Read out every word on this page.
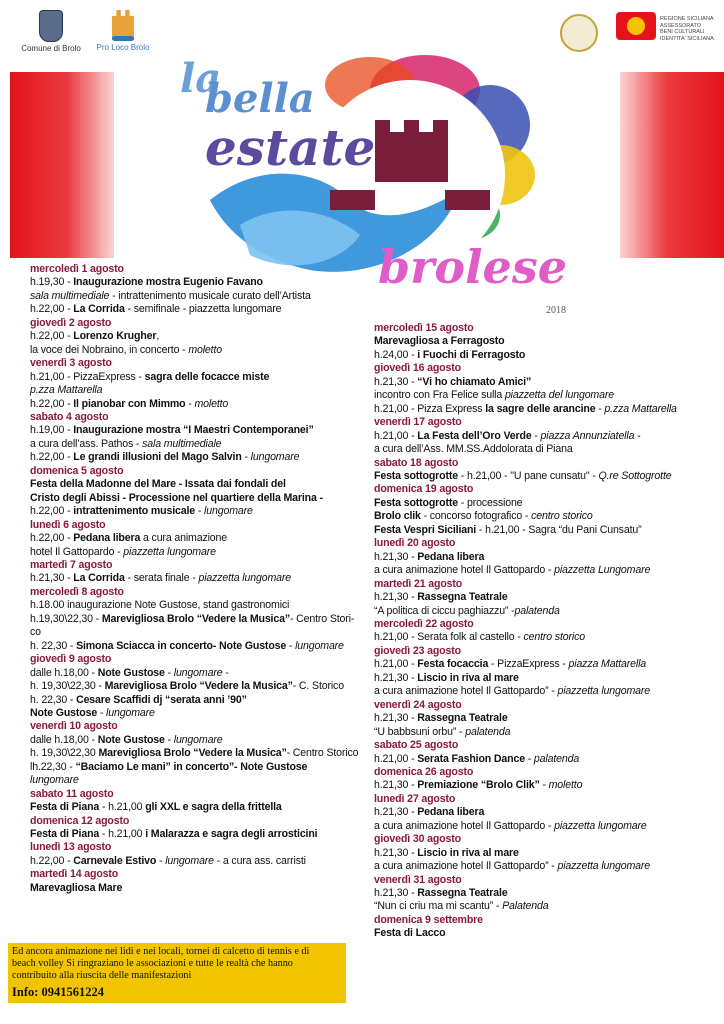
Comune di Brolo	Pro Loco Brolo
REGIONE SICILIANA
ASSESSORATO
BENI CULTURALI
IDENTITA' SICILIANA
la
bella
estate
brolese
2018
mercoledì 1 agosto
h.19,30 - Inaugurazione mostra Eugenio Favano
sala multimediale - intrattenimento musicale curato dell’Artista
h.22,00 - La Corrida - semifinale - piazzetta lungomare
giovedì 2 agosto
h.22,00 - Lorenzo Krugher,
la voce dei Nobraino, in concerto - moletto
venerdì 3 agosto
h.21,00 - PizzaExpress - sagra delle focacce miste
p.zza Mattarella
h.22,00 - Il pianobar con Mimmo - moletto
sabato 4 agosto
h.19,00 - Inaugurazione mostra “I Maestri Contemporanei”
a cura dell’ass. Pathos - sala multimediale
h.22,00 - Le grandi illusioni del Mago Salvin - lungomare
domenica 5 agosto
Festa della Madonne del Mare - Issata dai fondali del
Cristo degli Abissi - Processione nel quartiere della Marina -
h.22,00 - intrattenimento musicale - lungomare
lunedì 6 agosto
h.22,00 - Pedana libera a cura animazione
hotel Il Gattopardo - piazzetta lungomare
martedì 7 agosto
h.21,30 - La Corrida - serata finale - piazzetta lungomare
mercoledì 8 agosto
h.18.00 inaugurazione Note Gustose, stand gastronomici
h.19,30\22,30 - Marevigliosa Brolo “Vedere la Musica”- Centro Stori-
co
h. 22,30 - Simona Sciacca in concerto- Note Gustose - lungomare
giovedì 9 agosto
dalle h.18,00 - Note Gustose - lungomare -
h. 19,30\22,30 - Marevigliosa Brolo “Vedere la Musica”- C. Storico
h. 22,30 - Cesare Scaffidi dj “serata anni ’90”
Note Gustose - lungomare
venerdì 10 agosto
dalle h.18,00 - Note Gustose - lungomare
h. 19,30\22,30 Marevigliosa Brolo “Vedere la Musica”- Centro Storico
lh.22,30 - “Baciamo Le mani” in concerto”- Note Gustose
lungomare
sabato 11 agosto
Festa di Piana - h.21,00 gli XXL e sagra della frittella
domenica 12 agosto
Festa di Piana - h.21,00 i Malarazza e sagra degli arrosticini
lunedì 13 agosto
h.22,00 - Carnevale Estivo - lungomare - a cura ass. carristi
martedì 14 agosto
Marevagliosa Mare
mercoledì 15 agosto
Marevagliosa a Ferragosto
h.24,00 - i Fuochi di Ferragosto
giovedì 16 agosto
h.21,30 - “Vi ho chiamato Amici”
incontro con Fra Felice sulla piazzetta del lungomare
h.21,00 - Pizza Express la sagre delle arancine - p.zza Mattarella
venerdì 17 agosto
h.21,00 - La Festa dell’Oro Verde - piazza Annunziatella -
a cura dell’Ass. MM.SS.Addolorata di Piana
sabato 18 agosto
Festa sottogrotte - h.21,00 - "U pane cunsatu" - Q.re Sottogrotte
domenica 19 agosto
Festa sottogrotte - processione
Brolo clik - concorso fotografico - centro storico
Festa Vespri Siciliani - h.21,00 - Sagra “du Pani Cunsatu”
lunedì 20 agosto
h.21,30 - Pedana libera
a cura animazione hotel Il Gattopardo - piazzetta Lungomare
martedì 21 agosto
h.21,30 - Rassegna Teatrale
“A politica di ciccu paghiazzu” -palatenda
mercoledì 22 agosto
h.21,00 - Serata folk al castello - centro storico
giovedì 23 agosto
h.21,00 - Festa focaccia - PizzaExpress - piazza Mattarella
h.21,30 - Liscio in riva al mare
a cura animazione hotel Il Gattopardo” - piazzetta lungomare
venerdì 24 agosto
h.21,30 - Rassegna Teatrale
“U babbsuni orbu” - palatenda
sabato 25 agosto
h.21,00 - Serata Fashion Dance - palatenda
domenica 26 agosto
h.21,30 - Premiazione “Brolo Clik” - moletto
lunedì 27 agosto
h.21,30 - Pedana libera
a cura animazione hotel Il Gattopardo - piazzetta lungomare
giovedì 30 agosto
h.21,30 - Liscio in riva al mare
a cura animazione hotel Il Gattopardo” - piazzetta lungomare
venerdì 31 agosto
h.21,30 - Rassegna Teatrale
“Nun ci criu ma mi scantu” - Palatenda
domenica 9 settembre
Festa di Lacco
Ed ancora animazione nei lidi e nei locali, tornei di calcetto di tennis e di
beach volley Si ringraziano le associazioni e tutte le realtà che hanno
contribuito alla riuscita delle manifestazioni
Info: 0941561224
